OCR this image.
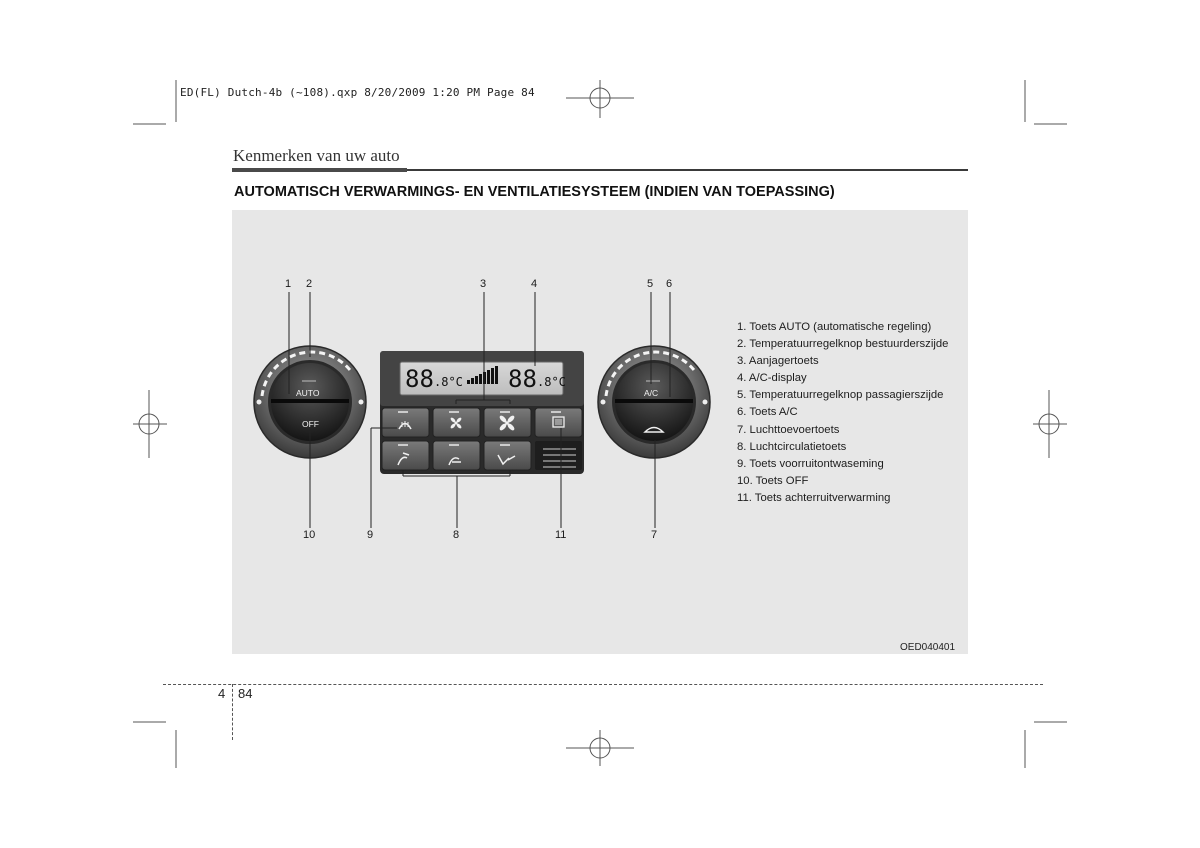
ED(FL) Dutch-4b (~108).qxp 8/20/2009 1:20 PM Page 84
Kenmerken van uw auto
AUTOMATISCH VERWARMINGS- EN VENTILATIESYSTEEM (INDIEN VAN TOEPASSING)
AUTO
OFF
A/C
88 .8°C 88 .8°C
1 2	3	4	5 6
10	9	8	11	7
1. Toets AUTO (automatische regeling)
2. Temperatuurregelknop bestuurderszijde
3. Aanjagertoets
4. A/C-display
5. Temperatuurregelknop passagierszijde
6. Toets A/C
7. Luchttoevoertoets
8. Luchtcirculatietoets
9. Toets voorruitontwaseming
10. Toets OFF
11. Toets achterruitverwarming
OED040401
4 84
